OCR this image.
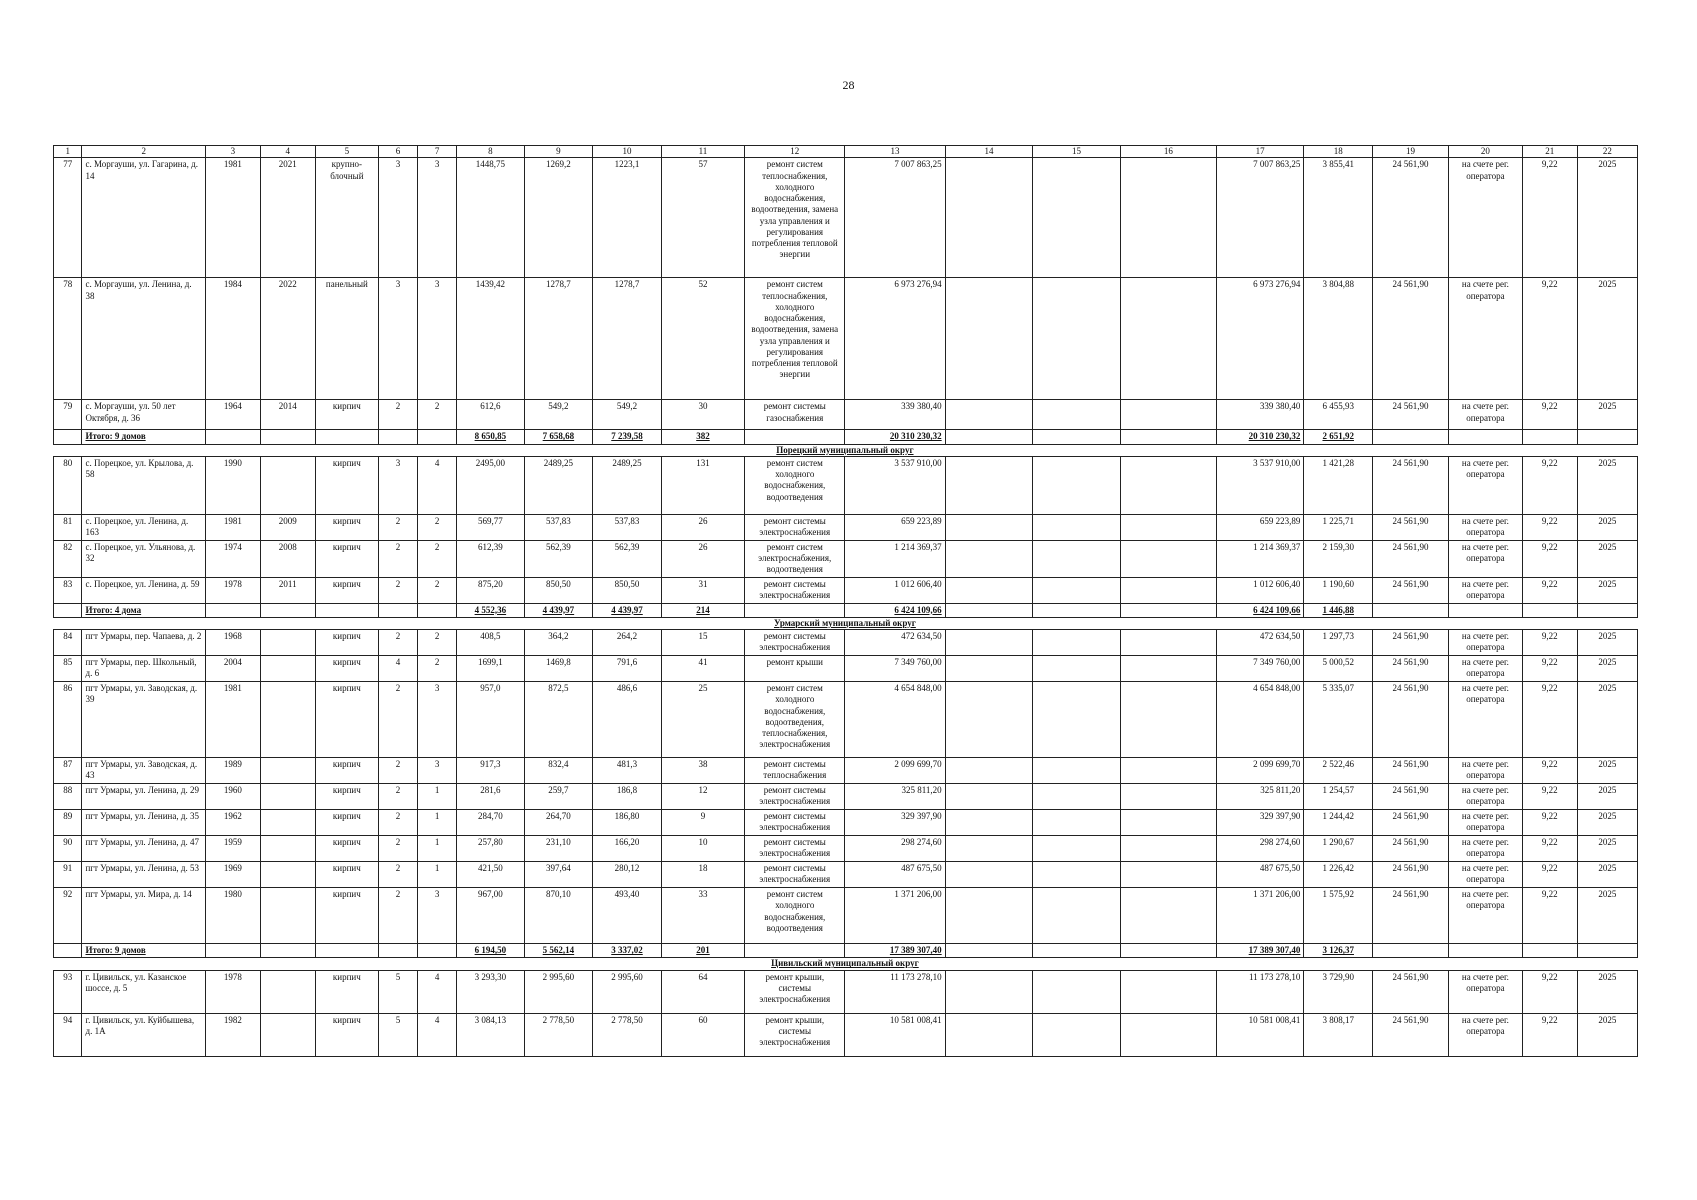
28
1	2	3	4	5	6	7	8	9	10	11	12	13	14	15	16	17	18	19	20	21	22
77	с. Моргауши, ул. Гагарина, д. 14	1981	2021	крупно-блочный	3	3	1448,75	1269,2	1223,1	57	ремонт систем теплоснабжения, холодного водоснабжения, водоотведения, замена узла управления и регулирования потребления тепловой энергии	7 007 863,25				7 007 863,25	3 855,41	24 561,90	на счете рег. оператора	9,22	2025
78	с. Моргауши, ул. Ленина, д. 38	1984	2022	панельный	3	3	1439,42	1278,7	1278,7	52	ремонт систем теплоснабжения, холодного водоснабжения, водоотведения, замена узла управления и регулирования потребления тепловой энергии	6 973 276,94				6 973 276,94	3 804,88	24 561,90	на счете рег. оператора	9,22	2025
79	с. Моргауши, ул. 50 лет Октября, д. 36	1964	2014	кирпич	2	2	612,6	549,2	549,2	30	ремонт системы газоснабжения	339 380,40				339 380,40	6 455,93	24 561,90	на счете рег. оператора	9,22	2025
	Итого: 9 домов						8 650,85	7 658,68	7 239,58	382		20 310 230,32				20 310 230,32	2 651,92				
											Порецкий муниципальный округ										
80	с. Порецкое, ул. Крылова, д. 58	1990		кирпич	3	4	2495,00	2489,25	2489,25	131	ремонт систем холодного водоснабжения, водоотведения	3 537 910,00				3 537 910,00	1 421,28	24 561,90	на счете рег. оператора	9,22	2025
81	с. Порецкое, ул. Ленина, д. 163	1981	2009	кирпич	2	2	569,77	537,83	537,83	26	ремонт системы электроснабжения	659 223,89				659 223,89	1 225,71	24 561,90	на счете рег. оператора	9,22	2025
82	с. Порецкое, ул. Ульянова, д. 32	1974	2008	кирпич	2	2	612,39	562,39	562,39	26	ремонт систем электроснабжения, водоотведения	1 214 369,37				1 214 369,37	2 159,30	24 561,90	на счете рег. оператора	9,22	2025
83	с. Порецкое, ул. Ленина, д. 59	1978	2011	кирпич	2	2	875,20	850,50	850,50	31	ремонт системы электроснабжения	1 012 606,40				1 012 606,40	1 190,60	24 561,90	на счете рег. оператора	9,22	2025
	Итого: 4 дома						4 552,36	4 439,97	4 439,97	214		6 424 109,66				6 424 109,66	1 446,88				
											Урмарский муниципальный округ										
84	пгт Урмары, пер. Чапаева, д. 2	1968		кирпич	2	2	408,5	364,2	264,2	15	ремонт системы электроснабжения	472 634,50				472 634,50	1 297,73	24 561,90	на счете рег. оператора	9,22	2025
85	пгт Урмары, пер. Школьный, д. 6	2004		кирпич	4	2	1699,1	1469,8	791,6	41	ремонт крыши	7 349 760,00				7 349 760,00	5 000,52	24 561,90	на счете рег. оператора	9,22	2025
86	пгт Урмары, ул. Заводская, д. 39	1981		кирпич	2	3	957,0	872,5	486,6	25	ремонт систем холодного водоснабжения, водоотведения, теплоснабжения, электроснабжения	4 654 848,00				4 654 848,00	5 335,07	24 561,90	на счете рег. оператора	9,22	2025
87	пгт Урмары, ул. Заводская, д. 43	1989		кирпич	2	3	917,3	832,4	481,3	38	ремонт системы теплоснабжения	2 099 699,70				2 099 699,70	2 522,46	24 561,90	на счете рег. оператора	9,22	2025
88	пгт Урмары, ул. Ленина, д. 29	1960		кирпич	2	1	281,6	259,7	186,8	12	ремонт системы электроснабжения	325 811,20				325 811,20	1 254,57	24 561,90	на счете рег. оператора	9,22	2025
89	пгт Урмары, ул. Ленина, д. 35	1962		кирпич	2	1	284,70	264,70	186,80	9	ремонт системы электроснабжения	329 397,90				329 397,90	1 244,42	24 561,90	на счете рег. оператора	9,22	2025
90	пгт Урмары, ул. Ленина, д. 47	1959		кирпич	2	1	257,80	231,10	166,20	10	ремонт системы электроснабжения	298 274,60				298 274,60	1 290,67	24 561,90	на счете рег. оператора	9,22	2025
91	пгт Урмары, ул. Ленина, д. 53	1969		кирпич	2	1	421,50	397,64	280,12	18	ремонт системы электроснабжения	487 675,50				487 675,50	1 226,42	24 561,90	на счете рег. оператора	9,22	2025
92	пгт Урмары, ул. Мира, д. 14	1980		кирпич	2	3	967,00	870,10	493,40	33	ремонт систем холодного водоснабжения, водоотведения	1 371 206,00				1 371 206,00	1 575,92	24 561,90	на счете рег. оператора	9,22	2025
	Итого: 9 домов						6 194,50	5 562,14	3 337,02	201		17 389 307,40				17 389 307,40	3 126,37				
											Цивильский муниципальный округ										
93	г. Цивильск, ул. Казанское шоссе, д. 5	1978		кирпич	5	4	3 293,30	2 995,60	2 995,60	64	ремонт крыши, системы электроснабжения	11 173 278,10				11 173 278,10	3 729,90	24 561,90	на счете рег. оператора	9,22	2025
94	г. Цивильск, ул. Куйбышева, д. 1А	1982		кирпич	5	4	3 084,13	2 778,50	2 778,50	60	ремонт крыши, системы электроснабжения	10 581 008,41				10 581 008,41	3 808,17	24 561,90	на счете рег. оператора	9,22	2025
